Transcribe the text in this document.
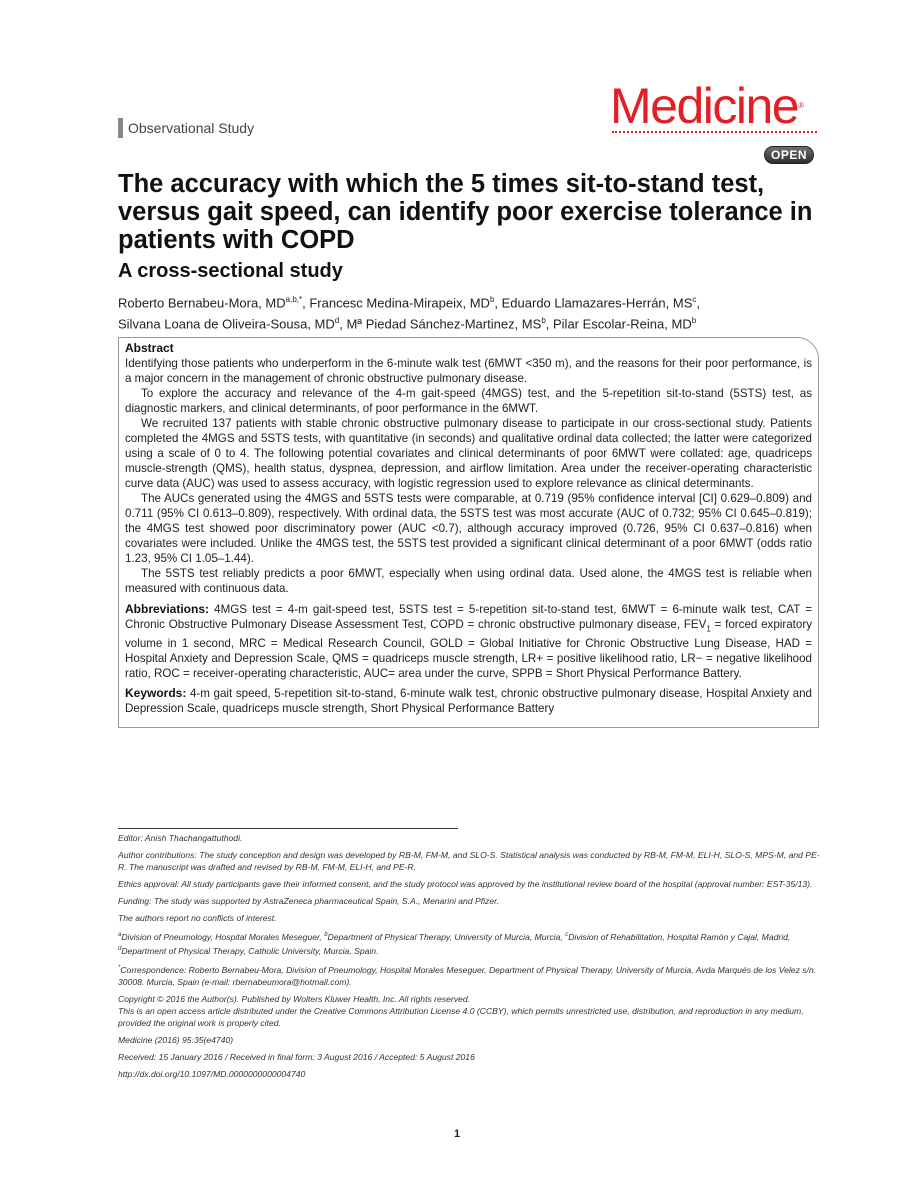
Observational Study	Medicine®
OPEN
The accuracy with which the 5 times sit-to-stand test, versus gait speed, can identify poor exercise tolerance in patients with COPD
A cross-sectional study
Roberto Bernabeu-Mora, $MD^{a,b,*}$, Francesc Medina-Mirapeix, $MD^b$, Eduardo Llamazares-Herrán, $MS^c$,
Silvana Loana de Oliveira-Sousa, $MD^d$, Mª Piedad Sánchez-Martinez, $MS^b$, Pilar Escolar-Reina, $MD^b$
Abstract

Identifying those patients who underperform in the 6-minute walk test (6MWT <350 m), and the reasons for their poor performance, is a major concern in the management of chronic obstructive pulmonary disease.

To explore the accuracy and relevance of the 4-m gait-speed (4MGS) test, and the 5-repetition sit-to-stand (5STS) test, as diagnostic markers, and clinical determinants, of poor performance in the 6MWT.

We recruited 137 patients with stable chronic obstructive pulmonary disease to participate in our cross-sectional study. Patients completed the 4MGS and 5STS tests, with quantitative (in seconds) and qualitative ordinal data collected; the latter were categorized using a scale of 0 to 4. The following potential covariates and clinical determinants of poor 6MWT were collated: age, quadriceps muscle-strength (QMS), health status, dyspnea, depression, and airflow limitation. Area under the receiver-operating characteristic curve data (AUC) was used to assess accuracy, with logistic regression used to explore relevance as clinical determinants.

The AUCs generated using the 4MGS and 5STS tests were comparable, at 0.719 (95% confidence interval [CI] 0.629–0.809) and 0.711 (95% CI 0.613–0.809), respectively. With ordinal data, the 5STS test was most accurate (AUC of 0.732; 95% CI 0.645–0.819); the 4MGS test showed poor discriminatory power (AUC <0.7), although accuracy improved (0.726, 95% CI 0.637–0.816) when covariates were included. Unlike the 4MGS test, the 5STS test provided a significant clinical determinant of a poor 6MWT (odds ratio 1.23, 95% CI 1.05–1.44).

The 5STS test reliably predicts a poor 6MWT, especially when using ordinal data. Used alone, the 4MGS test is reliable when measured with continuous data.

Abbreviations: 4MGS test = 4-m gait-speed test, 5STS test = 5-repetition sit-to-stand test, 6MWT = 6-minute walk test, CAT = Chronic Obstructive Pulmonary Disease Assessment Test, COPD = chronic obstructive pulmonary disease, $FEV_1$ = forced expiratory volume in 1 second, MRC = Medical Research Council, GOLD = Global Initiative for Chronic Obstructive Lung Disease, HAD = Hospital Anxiety and Depression Scale, QMS = quadriceps muscle strength, LR+ = positive likelihood ratio, LR− = negative likelihood ratio, ROC = receiver-operating characteristic, AUC= area under the curve, SPPB = Short Physical Performance Battery.

Keywords: 4-m gait speed, 5-repetition sit-to-stand, 6-minute walk test, chronic obstructive pulmonary disease, Hospital Anxiety and Depression Scale, quadriceps muscle strength, Short Physical Performance Battery

Editor: Anish Thachangattuthodi.

Author contributions: The study conception and design was developed by RB-M, FM-M, and SLO-S. Statistical analysis was conducted by RB-M, FM-M, ELI-H, SLO-S, MPS-M, and PE-R. The manuscript was drafted and revised by RB-M, FM-M, ELI-H, and PE-R.

Ethics approval: All study participants gave their informed consent, and the study protocol was approved by the institutional review board of the hospital (approval number: EST-35/13).

Funding: The study was supported by AstraZeneca pharmaceutical Spain, S.A., Menarini and Pfizer.

The authors report no conflicts of interest.

$^a$Division of Pneumology, Hospital Morales Meseguer, $^b$Department of Physical Therapy, University of Murcia, Murcia, $^c$Division of Rehabilitation, Hospital Ramón y Cajal, Madrid, $^d$Department of Physical Therapy, Catholic University, Murcia, Spain.

*Correspondence: Roberto Bernabeu-Mora, Division of Pneumology, Hospital Morales Meseguer, Department of Physical Therapy, University of Murcia, Avda Marqués de los Velez s/n. 30008. Murcia, Spain (e-mail: rbernabeumora@hotmail.com).

Copyright © 2016 the Author(s). Published by Wolters Kluwer Health, Inc. All rights reserved.
This is an open access article distributed under the Creative Commons Attribution License 4.0 (CCBY), which permits unrestricted use, distribution, and reproduction in any medium, provided the original work is properly cited.

Medicine (2016) 95:35(e4740)

Received: 15 January 2016 / Received in final form: 3 August 2016 / Accepted: 5 August 2016

http://dx.doi.org/10.1097/MD.0000000000004740

1
